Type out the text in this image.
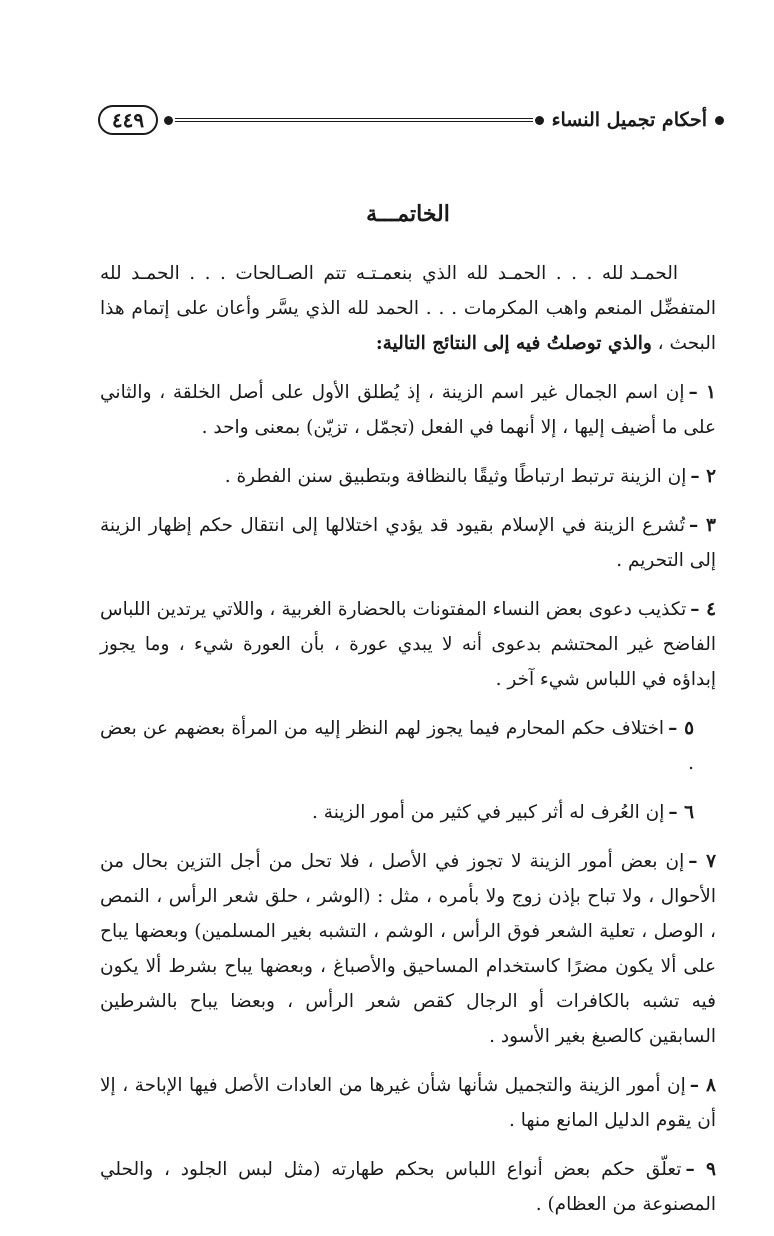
أحكام تجميل النساء
٤٤٩
الخاتمـــة

الحمـد لله . . . الحمـد لله الذي بنعمـتـه تتم الصـالحات . . . الحمـد لله المتفضِّل المنعم واهب المكرمات . . . الحمد لله الذي يسَّر وأعان على إتمام هذا البحث ، والذي توصلتُ فيه إلى النتائج التالية:

١ –إن اسم الجمال غير اسم الزينة ، إذ يُطلق الأول على أصل الخلقة ، والثاني على ما أضيف إليها ، إلا أنهما في الفعل (تجمّل ، تزيّن) بمعنى واحد .

٢ –إن الزينة ترتبط ارتباطًا وثيقًا بالنظافة وبتطبيق سنن الفطرة .

٣ –تُشرع الزينة في الإسلام بقيود قد يؤدي اختلالها إلى انتقال حكم إظهار الزينة إلى التحريم .

٤ –تكذيب دعوى بعض النساء المفتونات بالحضارة الغربية ، واللاتي يرتدين اللباس الفاضح غير المحتشم بدعوى أنه لا يبدي عورة ، بأن العورة شيء ، وما يجوز إبداؤه في اللباس شيء آخر .

٥ –اختلاف حكم المحارم فيما يجوز لهم النظر إليه من المرأة بعضهم عن بعض .

٦ –إن العُرف له أثر كبير في كثير من أمور الزينة .

٧ –إن بعض أمور الزينة لا تجوز في الأصل ، فلا تحل من أجل التزين بحال من الأحوال ، ولا تباح بإذن زوج ولا بأمره ، مثل : (الوشر ، حلق شعر الرأس ، النمص ، الوصل ، تعلية الشعر فوق الرأس ، الوشم ، التشبه بغير المسلمين) وبعضها يباح على ألا يكون مضرًا كاستخدام المساحيق والأصباغ ، وبعضها يباح بشرط ألا يكون فيه تشبه بالكافرات أو الرجال كقص شعر الرأس ، وبعضا يباح بالشرطين السابقين كالصبغ بغير الأسود .

٨ –إن أمور الزينة والتجميل شأنها شأن غيرها من العادات الأصل فيها الإباحة ، إلا أن يقوم الدليل المانع منها .

٩ –تعلّق حكم بعض أنواع اللباس بحكم طهارته (مثل لبس الجلود ، والحلي المصنوعة من العظام) .
